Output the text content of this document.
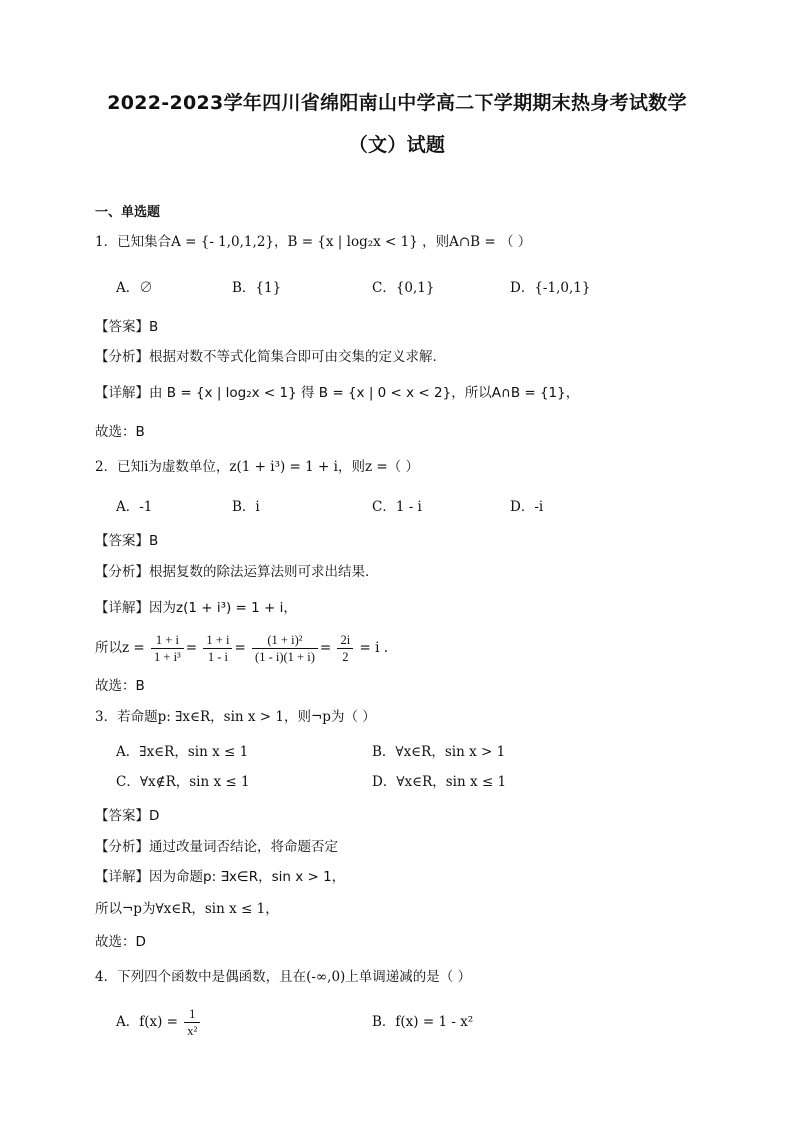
2022-2023学年四川省绵阳南山中学高二下学期期末热身考试数学
（文）试题
一、单选题
1．已知集合A = {- 1,0,1,2}，B = {x | log₂x < 1} ，则A∩B = （ ）
A．∅	B．{1}	C．{0,1}	D．{-1,0,1}
【答案】B
【分析】根据对数不等式化简集合即可由交集的定义求解.
【详解】由 B = {x | log₂x < 1} 得 B = {x | 0 < x < 2}，所以A∩B = {1}，
故选：B
2．已知i为虚数单位，z(1 + i³) = 1 + i，则z =（ ）
A．-1	B．i	C．1 - i	D．-i
【答案】B
【分析】根据复数的除法运算法则可求出结果.
【详解】因为z(1 + i³) = 1 + i，
所以$z = \frac{1 + i}{\text{1 + i³}} = \frac{1 + i}{1 - i} = \frac{\text{(1 + i)²}}{(1 - i)(1 + i)} = \frac{2i}{2} = i$ .
故选：B
3．若命题p: ∃x∈R，sin x > 1，则¬p为（ ）
A．∃x∈R，sin x ≤ 1	B．∀x∈R，sin x > 1
C．∀x∉R，sin x ≤ 1	D．∀x∈R，sin x ≤ 1
【答案】D
【分析】通过改量词否结论，将命题否定
【详解】因为命题p: ∃x∈R，sin x > 1，
所以¬p为∀x∈R，sin x ≤ 1，
故选：D
4．下列四个函数中是偶函数，且在(-∞,0)上单调递减的是（ ）
A．$f(x) = \frac{1}{\text{x²}}$	B．f(x) = 1 - x²
